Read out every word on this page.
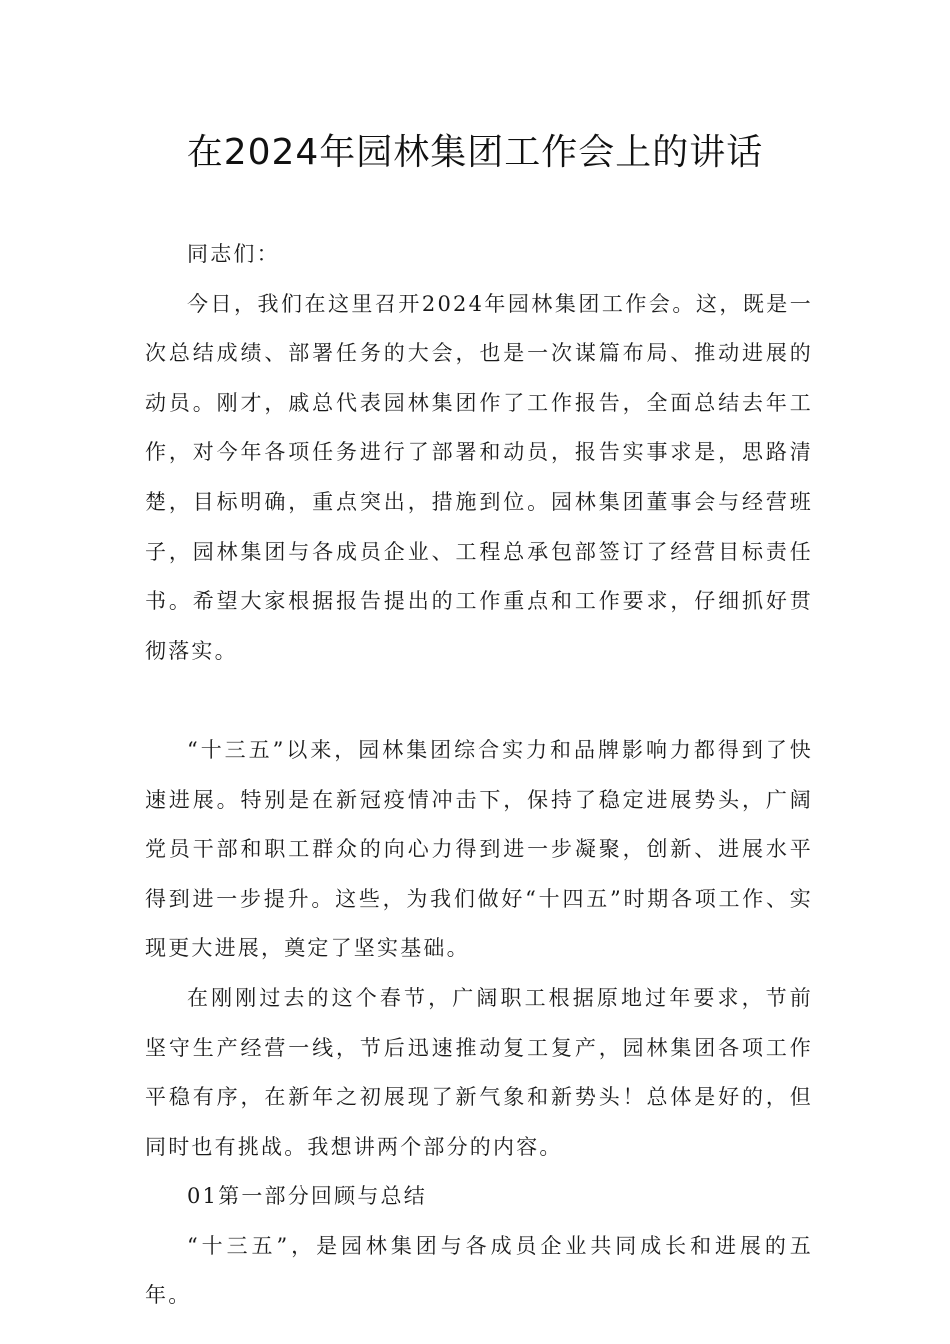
在2024年园林集团工作会上的讲话

同志们：

今日，我们在这里召开2024年园林集团工作会。这，既是一次总结成绩、部署任务的大会，也是一次谋篇布局、推动进展的动员。刚才，戚总代表园林集团作了工作报告，全面总结去年工作，对今年各项任务进行了部署和动员，报告实事求是，思路清楚，目标明确，重点突出，措施到位。园林集团董事会与经营班子，园林集团与各成员企业、工程总承包部签订了经营目标责任书。希望大家根据报告提出的工作重点和工作要求，仔细抓好贯彻落实。

“十三五”以来，园林集团综合实力和品牌影响力都得到了快速进展。特别是在新冠疫情冲击下，保持了稳定进展势头，广阔党员干部和职工群众的向心力得到进一步凝聚，创新、进展水平得到进一步提升。这些，为我们做好“十四五”时期各项工作、实现更大进展，奠定了坚实基础。

在刚刚过去的这个春节，广阔职工根据原地过年要求，节前坚守生产经营一线，节后迅速推动复工复产，园林集团各项工作平稳有序，在新年之初展现了新气象和新势头！总体是好的，但同时也有挑战。我想讲两个部分的内容。

01第一部分回顾与总结

“十三五”，是园林集团与各成员企业共同成长和进展的五年。
